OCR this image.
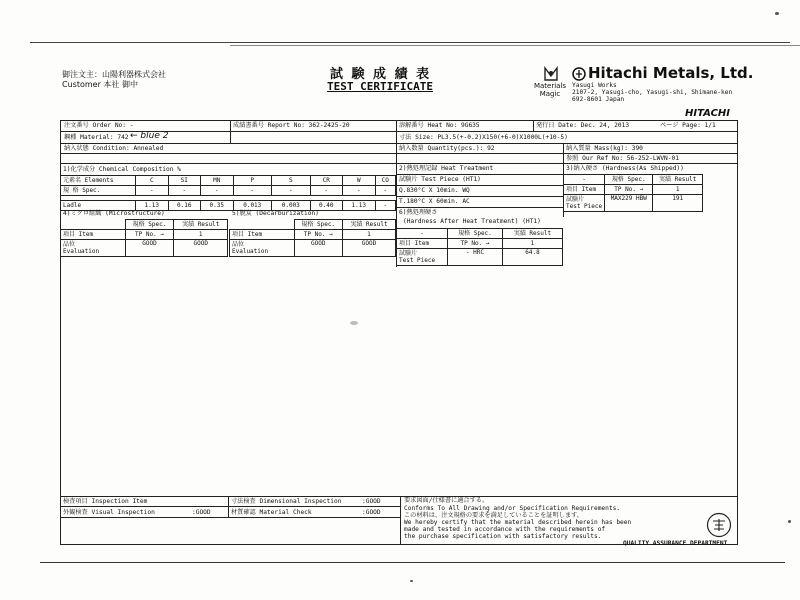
御注文主：山陽利器株式会社
Customer 本社 御中
試 験 成 績 表
TEST CERTIFICATE	Materials Magic
Hitachi Metals, Ltd.
Yasugi Works
2107-2, Yasugi-cho, Yasugi-shi, Shimane-ken
692-8601 Japan
HITACHI
注文番号 Order No: -	成績書番号 Report No: 362-2425-20	溶解番号 Heat No: 9G635	発行日 Date: Dec. 24, 2013	ページ Page: 1/1
鋼種 Material: 742 ← blue 2	寸法 Size: PL3.5(+-0.2)X150(+6-0)X1000L(+10-5)
納入状態 Condition: Annealed	納入数量 Quantity(pcs.): 92	納入質量 Mass(kg): 390
参照 Our Ref No: 56-252-LWVN-01
1)化学成分 Chemical Composition %
元素名 Elements	C	SI	MN	P	S	CR	W	CO
規 格 Spec.	-	-	-	-	-	-	-	-

Ladle	1.13	0.16	0.35	0.013	0.003	0.40	1.13	-
4)ミクロ組織 (Microstructure)
	規格 Spec.	実績 Result
項目 Item	TP No. →	1
品位
Evaluation	GOOD	GOOD
5)脱炭 (Decarburization)
	規格 Spec.	実績 Result
項目 Item	TP No. →	1
品位
Evaluation	GOOD	GOOD
2)熱処理記録 Heat Treatment
試験片 Test Piece (HT1)
Q.830°C X 10min. WQ
T.180°C X 60min. AC
6)熱処理硬さ
(Hardness After Heat Treatment) (HT1)
-	規格 Spec.	実績 Result
項目 Item	TP No. →	1
試験片
Test Piece	- HRC	64.8
3)納入硬さ (Hardness(As Shipped))
-	規格 Spec.	実績 Result
項目 Item	TP No. →	1
試験片
Test Piece	MAX229 HBW	191
検査項目 Inspection Item	寸法検査 Dimensional Inspection	:GOOD
外観検査 Visual Inspection	:GOOD	材質確認 Material Check	:GOOD
要求図面/仕様書に適合する。
Conforms To All Drawing and/or Specification Requirements.
この材料は、注文規格の要求を満足していることを証明します。
We hereby certify that the material described herein has been
made and tested in accordance with the requirements of
the purchase specification with satisfactory results.
QUALITY ASSURANCE DEPARTMENT
